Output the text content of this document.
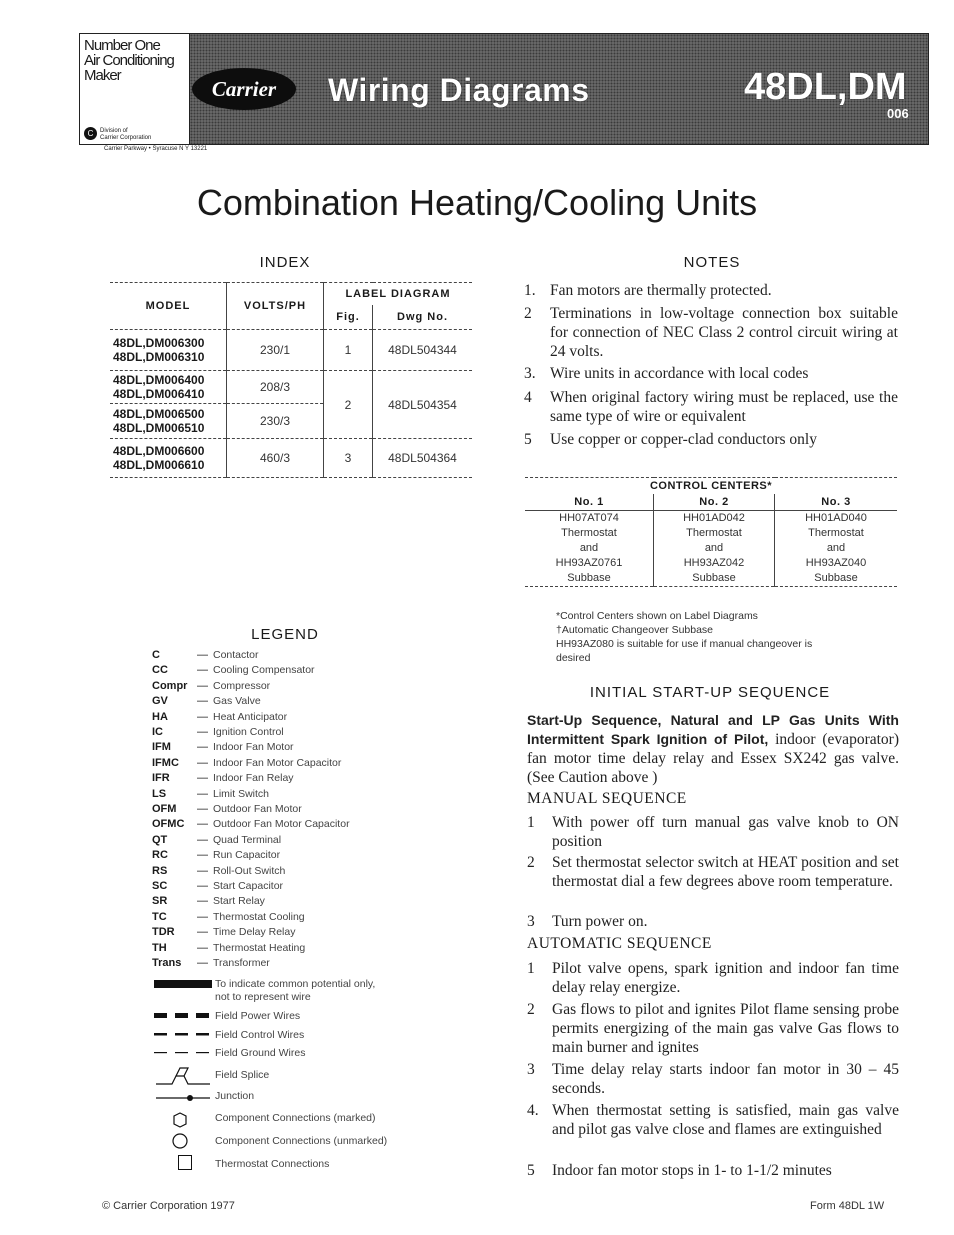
Number One
Air Conditioning
Maker
C	Division of
Carrier Corporation
Carrier	Wiring Diagrams	48DL,DM
006
Carrier Parkway • Syracuse N Y 13221
Combination Heating/Cooling Units
INDEX
MODEL	VOLTS/PH	LABEL DIAGRAM	
		Fig.	Dwg No.

48DL,DM006300
48DL,DM006310	230/1	1	48DL504344

48DL,DM006400
48DL,DM006410	208/3	2	48DL504354

48DL,DM006500
48DL,DM006510	230/3		

48DL,DM006600
48DL,DM006610	460/3	3	48DL504364
NOTES
1. Fan motors are thermally protected.
2 Terminations in low-voltage connection box suitable for connection of NEC Class 2 control circuit wiring at 24 volts.
3. Wire units in accordance with local codes
4 When original factory wiring must be replaced, use the same type of wire or equivalent
5 Use copper or copper-clad conductors only
CONTROL CENTERS*		
No. 1	No. 2	No. 3
HH07AT074	HH01AD042	HH01AD040
Thermostat	Thermostat	Thermostat
and	and	and
HH93AZ0761	HH93AZ042	HH93AZ040
Subbase	Subbase	Subbase
*Control Centers shown on Label Diagrams
†Automatic Changeover Subbase
HH93AZ080 is suitable for use if manual changeover is
desired
LEGEND
C	— Contactor
CC	— Cooling Compensator
Compr — Compressor
GV	— Gas Valve
HA	— Heat Anticipator
IC	— Ignition Control
IFM — Indoor Fan Motor
IFMC — Indoor Fan Motor Capacitor
IFR — Indoor Fan Relay
LS	— Limit Switch
OFM — Outdoor Fan Motor
OFMC — Outdoor Fan Motor Capacitor
QT	— Quad Terminal
RC	— Run Capacitor
RS	— Roll-Out Switch
SC	— Start Capacitor
SR	— Start Relay
TC	— Thermostat Cooling
TDR — Time Delay Relay
TH	— Thermostat Heating
Trans — Transformer
To indicate common potential only,
not to represent wire
Field Power Wires
Field Control Wires
Field Ground Wires
Field Splice
Junction
Component Connections (marked)
Component Connections (unmarked)
Thermostat Connections
INITIAL START-UP SEQUENCE
Start-Up Sequence, Natural and LP Gas Units With Intermittent Spark Ignition of Pilot, indoor (evaporator) fan motor time delay relay and Essex SX242 gas valve. (See Caution above )
MANUAL SEQUENCE
1 With power off turn manual gas valve knob to ON position
2 Set thermostat selector switch at HEAT position and set thermostat dial a few degrees above room temperature.
3 Turn power on.
AUTOMATIC SEQUENCE
1 Pilot valve opens, spark ignition and indoor fan time delay relay energize.
2 Gas flows to pilot and ignites Pilot flame sensing probe permits energizing of the main gas valve Gas flows to main burner and ignites
3 Time delay relay starts indoor fan motor in 30 – 45 seconds.
4. When thermostat setting is satisfied, main gas valve and pilot gas valve close and flames are extinguished
5 Indoor fan motor stops in 1- to 1-1/2 minutes
© Carrier Corporation 1977	Form 48DL 1W
